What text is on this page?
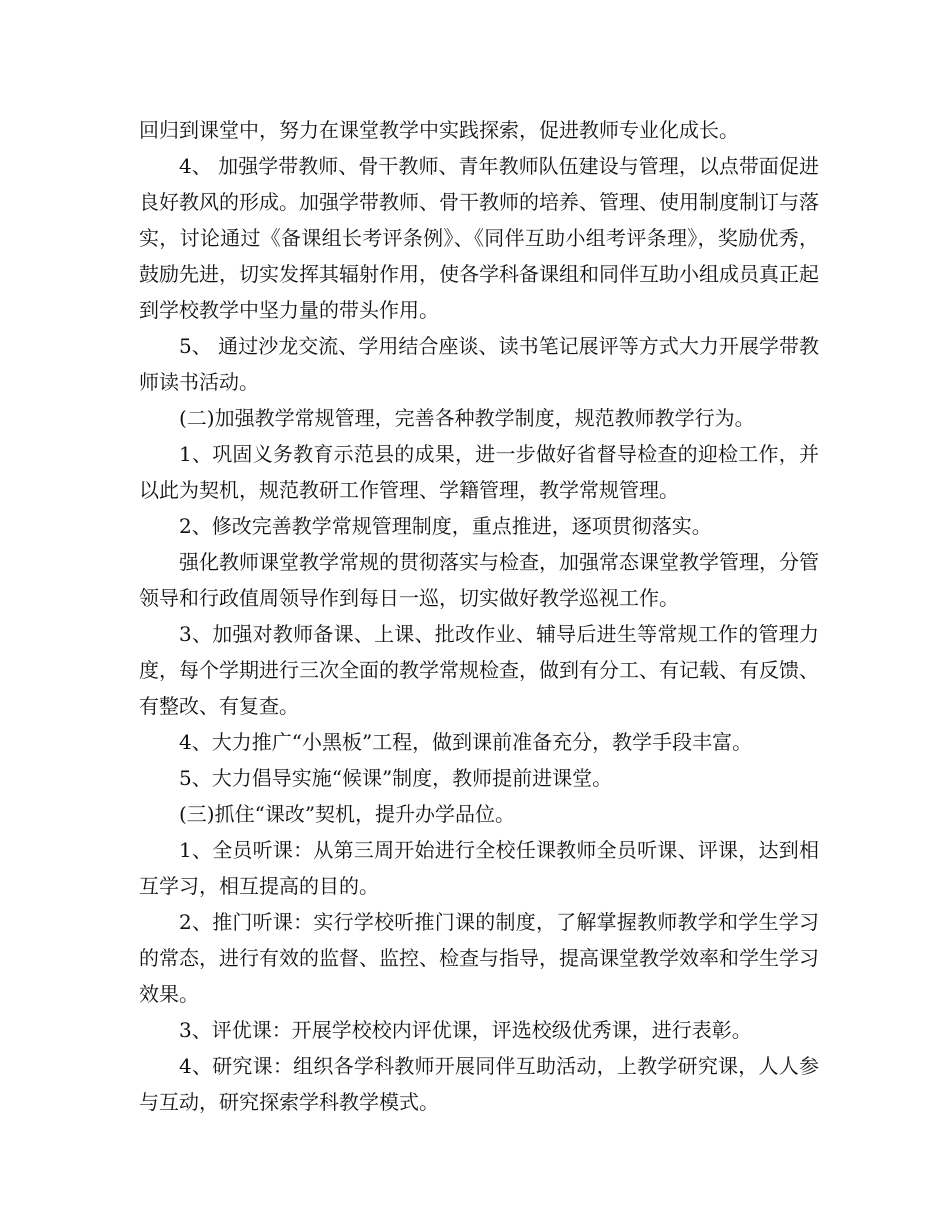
回归到课堂中，努力在课堂教学中实践探索，促进教师专业化成长。

4、 加强学带教师、骨干教师、青年教师队伍建设与管理，以点带面促进良好教风的形成。加强学带教师、骨干教师的培养、管理、使用制度制订与落实，讨论通过《备课组长考评条例》、《同伴互助小组考评条理》，奖励优秀，鼓励先进，切实发挥其辐射作用，使各学科备课组和同伴互助小组成员真正起到学校教学中坚力量的带头作用。

5、 通过沙龙交流、学用结合座谈、读书笔记展评等方式大力开展学带教师读书活动。

(二)加强教学常规管理，完善各种教学制度，规范教师教学行为。

1、巩固义务教育示范县的成果，进一步做好省督导检查的迎检工作，并以此为契机，规范教研工作管理、学籍管理，教学常规管理。

2、修改完善教学常规管理制度，重点推进，逐项贯彻落实。

强化教师课堂教学常规的贯彻落实与检查，加强常态课堂教学管理，分管领导和行政值周领导作到每日一巡，切实做好教学巡视工作。

3、加强对教师备课、上课、批改作业、辅导后进生等常规工作的管理力度，每个学期进行三次全面的教学常规检查，做到有分工、有记载、有反馈、有整改、有复查。

4、大力推广“小黑板”工程，做到课前准备充分，教学手段丰富。

5、大力倡导实施“候课”制度，教师提前进课堂。

(三)抓住“课改”契机，提升办学品位。

1、全员听课：从第三周开始进行全校任课教师全员听课、评课，达到相互学习，相互提高的目的。

2、推门听课：实行学校听推门课的制度，了解掌握教师教学和学生学习的常态，进行有效的监督、监控、检查与指导，提高课堂教学效率和学生学习效果。

3、评优课：开展学校校内评优课，评选校级优秀课，进行表彰。

4、研究课：组织各学科教师开展同伴互助活动，上教学研究课，人人参与互动，研究探索学科教学模式。
